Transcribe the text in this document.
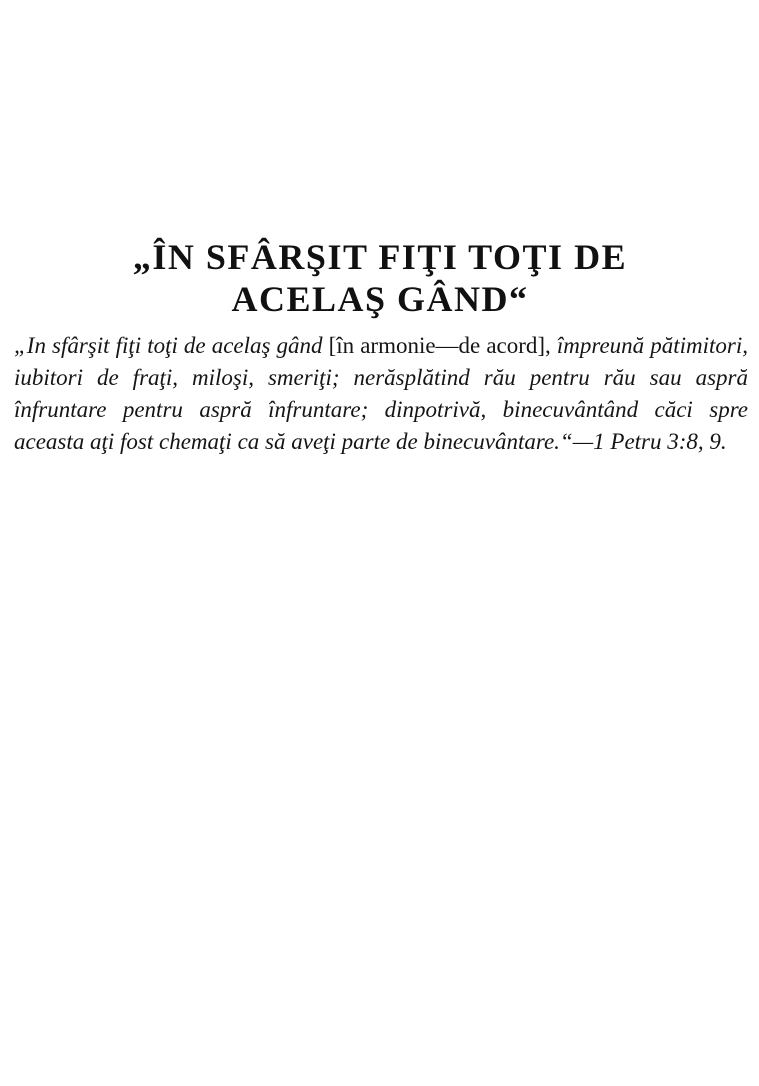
„ÎN SFÂRŞIT FIŢI TOŢI DE
ACELAŞ GÂND“

„In sfârşit fiţi toţi de acelaş gând [în armonie—de acord], împreună pătimitori, iubitori de fraţi, miloşi, smeriţi; nerăsplătind rău pentru rău sau aspră înfruntare pentru aspră înfruntare; dinpotrivă, binecuvântând căci spre aceasta aţi fost chemaţi ca să aveţi parte de binecuvântare.“—1 Petru 3:8, 9.
